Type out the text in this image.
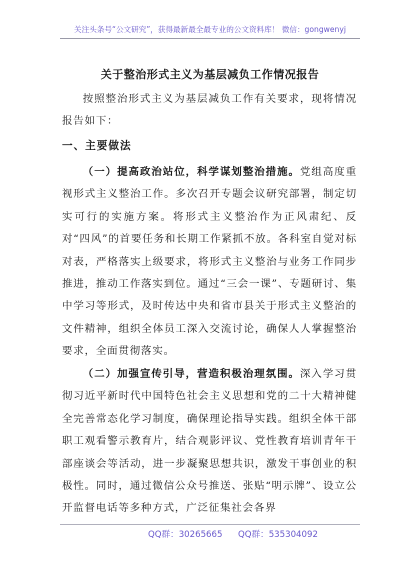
关注头条号“公文研究”，获得最新最全最专业的公文资料库！ 微信：gongwenyj
关于整治形式主义为基层减负工作情况报告
按照整治形式主义为基层减负工作有关要求，现将情况报告如下：
一、主要做法
（一）提高政治站位，科学谋划整治措施。党组高度重视形式主义整治工作。多次召开专题会议研究部署，制定切实可行的实施方案。将形式主义整治作为正风肃纪、反对“四风”的首要任务和长期工作紧抓不放。各科室自觉对标对表，严格落实上级要求，将形式主义整治与业务工作同步推进，推动工作落实到位。通过“三会一课”、专题研讨、集中学习等形式，及时传达中央和省市县关于形式主义整治的文件精神，组织全体员工深入交流讨论，确保人人掌握整治要求，全面贯彻落实。
（二）加强宣传引导，营造积极治理氛围。深入学习贯彻习近平新时代中国特色社会主义思想和党的二十大精神健全完善常态化学习制度，确保理论指导实践。组织全体干部职工观看警示教育片，结合观影评议、党性教育培训青年干部座谈会等活动，进一步凝聚思想共识，激发干事创业的积极性。同时，通过微信公众号推送、张贴“明示牌”、设立公开监督电话等多种方式，广泛征集社会各界
QQ群：30265665 QQ群：535304092
